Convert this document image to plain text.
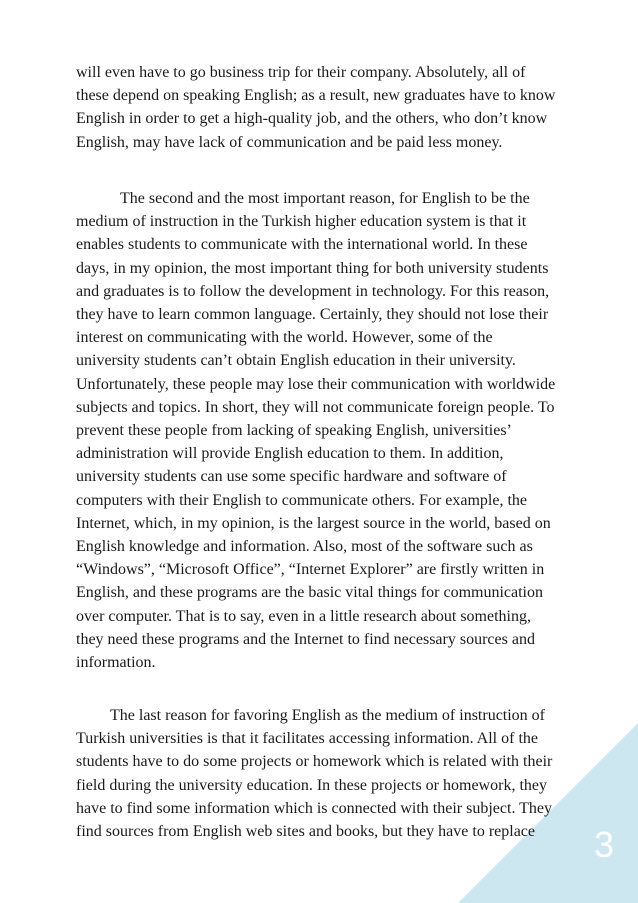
3

will even have to go business trip for their company. Absolutely, all of
these depend on speaking English; as a result, new graduates have to know
English in order to get a high-quality job, and the others, who don’t know
English, may have lack of communication and be paid less money.

The second and the most important reason, for English to be the
medium of instruction in the Turkish higher education system is that it
enables students to communicate with the international world. In these
days, in my opinion, the most important thing for both university students
and graduates is to follow the development in technology. For this reason,
they have to learn common language. Certainly, they should not lose their
interest on communicating with the world. However, some of the
university students can’t obtain English education in their university.
Unfortunately, these people may lose their communication with worldwide
subjects and topics. In short, they will not communicate foreign people. To
prevent these people from lacking of speaking English, universities’
administration will provide English education to them. In addition,
university students can use some specific hardware and software of
computers with their English to communicate others. For example, the
Internet, which, in my opinion, is the largest source in the world, based on
English knowledge and information. Also, most of the software such as
“Windows”, “Microsoft Office”, “Internet Explorer” are firstly written in
English, and these programs are the basic vital things for communication
over computer. That is to say, even in a little research about something,
they need these programs and the Internet to find necessary sources and
information.

The last reason for favoring English as the medium of instruction of
Turkish universities is that it facilitates accessing information. All of the
students have to do some projects or homework which is related with their
field during the university education. In these projects or homework, they
have to find some information which is connected with their subject. They
find sources from English web sites and books, but they have to replace
